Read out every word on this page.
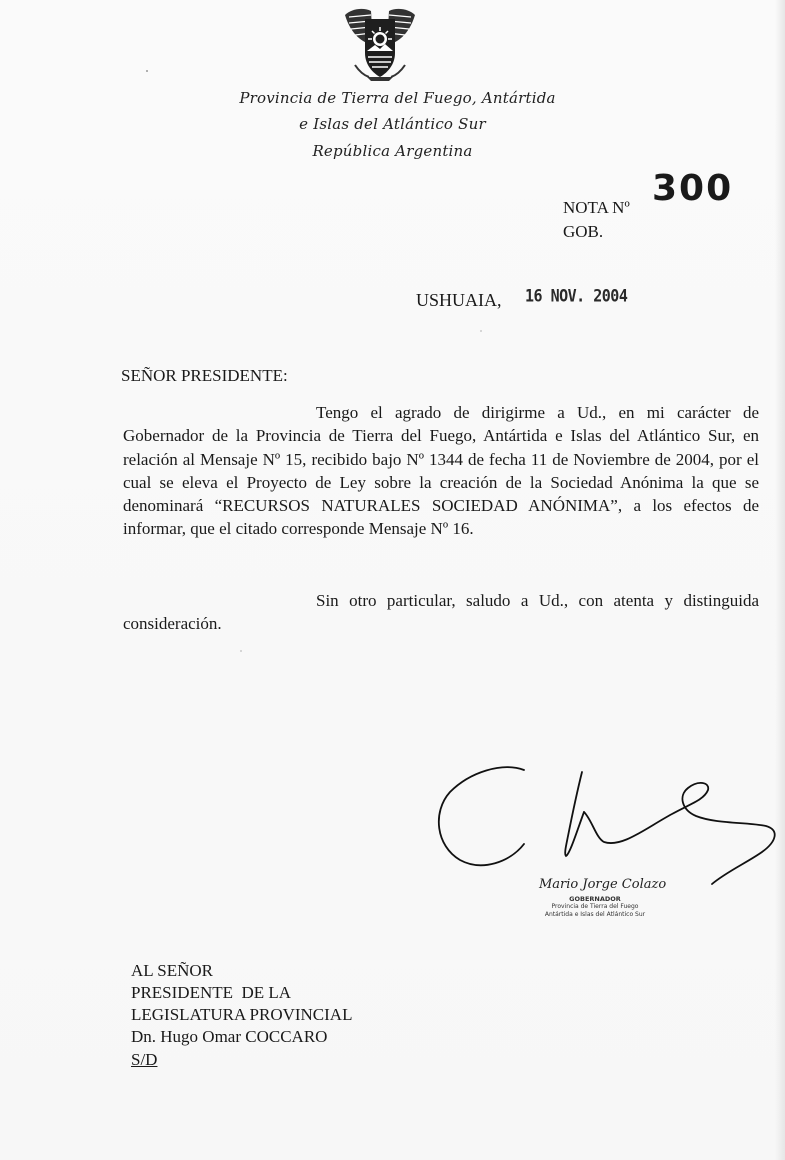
Provincia de Tierra del Fuego, Antártida
e Islas del Atlántico Sur
República Argentina
NOTA Nº 300
GOB.
USHUAIA, 16 NOV. 2004
SEÑOR PRESIDENTE:
Tengo el agrado de dirigirme a Ud., en mi carácter de Gobernador de la Provincia de Tierra del Fuego, Antártida e Islas del Atlántico Sur, en relación al Mensaje Nº 15, recibido bajo Nº 1344 de fecha 11 de Noviembre de 2004, por el cual se eleva el Proyecto de Ley sobre la creación de la Sociedad Anónima la que se denominará “RECURSOS NATURALES SOCIEDAD ANÓNIMA”, a los efectos de informar, que el citado corresponde Mensaje Nº 16.
Sin otro particular, saludo a Ud., con atenta y distinguida consideración.
Mario Jorge Colazo
GOBERNADOR
Provincia de Tierra del Fuego
Antártida e Islas del Atlántico Sur
AL SEÑOR
PRESIDENTE  DE LA
LEGISLATURA PROVINCIAL
Dn. Hugo Omar COCCARO
S/D
